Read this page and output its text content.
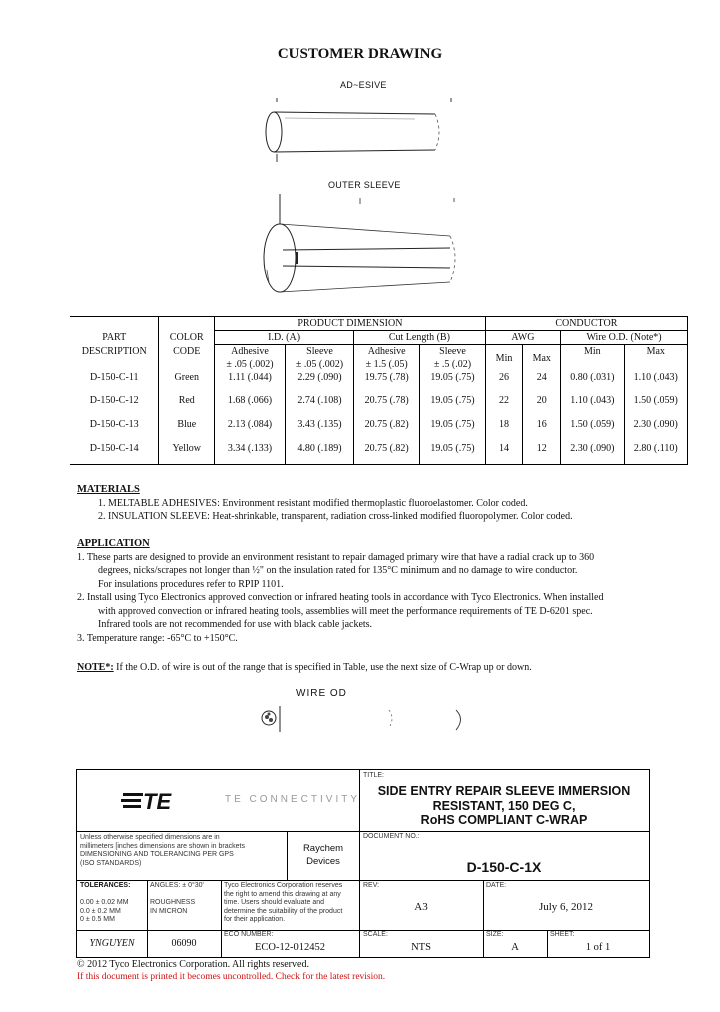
CUSTOMER DRAWING
AD~ESIVE
OUTER SLEEVE
		PRODUCT DIMENSION				CONDUCTOR			
PART	COLOR	I.D. (A)		Cut Length (B)		AWG		Wire O.D. (Note*)	
DESCRIPTION	CODE	Adhesive	Sleeve	Adhesive	Sleeve	Min	Max	Min	Max
		± .05 (.002)	± .05 (.002)	± 1.5 (.05)	± .5 (.02)				
D-150-C-11	Green	1.11 (.044)	2.29 (.090)	19.75 (.78)	19.05 (.75)	26	24	0.80 (.031)	1.10 (.043)
D-150-C-12	Red	1.68 (.066)	2.74 (.108)	20.75 (.78)	19.05 (.75)	22	20	1.10 (.043)	1.50 (.059)
D-150-C-13	Blue	2.13 (.084)	3.43 (.135)	20.75 (.82)	19.05 (.75)	18	16	1.50 (.059)	2.30 (.090)
D-150-C-14	Yellow	3.34 (.133)	4.80 (.189)	20.75 (.82)	19.05 (.75)	14	12	2.30 (.090)	2.80 (.110)
MATERIALS
1. MELTABLE ADHESIVES: Environment resistant modified thermoplastic fluoroelastomer. Color coded.
2. INSULATION SLEEVE: Heat-shrinkable, transparent, radiation cross-linked modified fluoropolymer. Color coded.
APPLICATION
1. These parts are designed to provide an environment resistant to repair damaged primary wire that have a radial crack up to 360
degrees, nicks/scrapes not longer than ½" on the insulation rated for 135°C minimum and no damage to wire conductor.
For insulations procedures refer to RPIP 1101.
2. Install using Tyco Electronics approved convection or infrared heating tools in accordance with Tyco Electronics. When installed
with approved convection or infrared heating tools, assemblies will meet the performance requirements of TE D-6201 spec.
Infrared tools are not recommended for use with black cable jackets.
3. Temperature range: -65°C to +150°C.
NOTE*: If the O.D. of wire is out of the range that is specified in Table, use the next size of C-Wrap up or down.
WIRE OD
TE	TE CONNECTIVITY
TITLE:
SIDE ENTRY REPAIR SLEEVE IMMERSION
RESISTANT, 150 DEG C,
RoHS COMPLIANT C-WRAP
Unless otherwise specified dimensions are in
millimeters [inches dimensions are shown in brackets
DIMENSIONING AND TOLERANCING PER GPS
(ISO STANDARDS)
Raychem
Devices
DOCUMENT NO.:
D-150-C-1X
TOLERANCES:
0.00 ± 0.02 MM
0.0 ± 0.2 MM
0 ± 0.5 MM
ANGLES: ± 0°30'
ROUGHNESS
IN MICRON
Tyco Electronics Corporation reserves
the right to amend this drawing at any
time. Users should evaluate and
determine the suitability of the product
for their application.
REV:
A3
DATE:
July 6, 2012
YNGUYEN	06090
ECO NUMBER:
ECO-12-012452
SCALE:
NTS
SIZE:
A
SHEET:
1 of 1
© 2012 Tyco Electronics Corporation. All rights reserved.
If this document is printed it becomes uncontrolled. Check for the latest revision.
